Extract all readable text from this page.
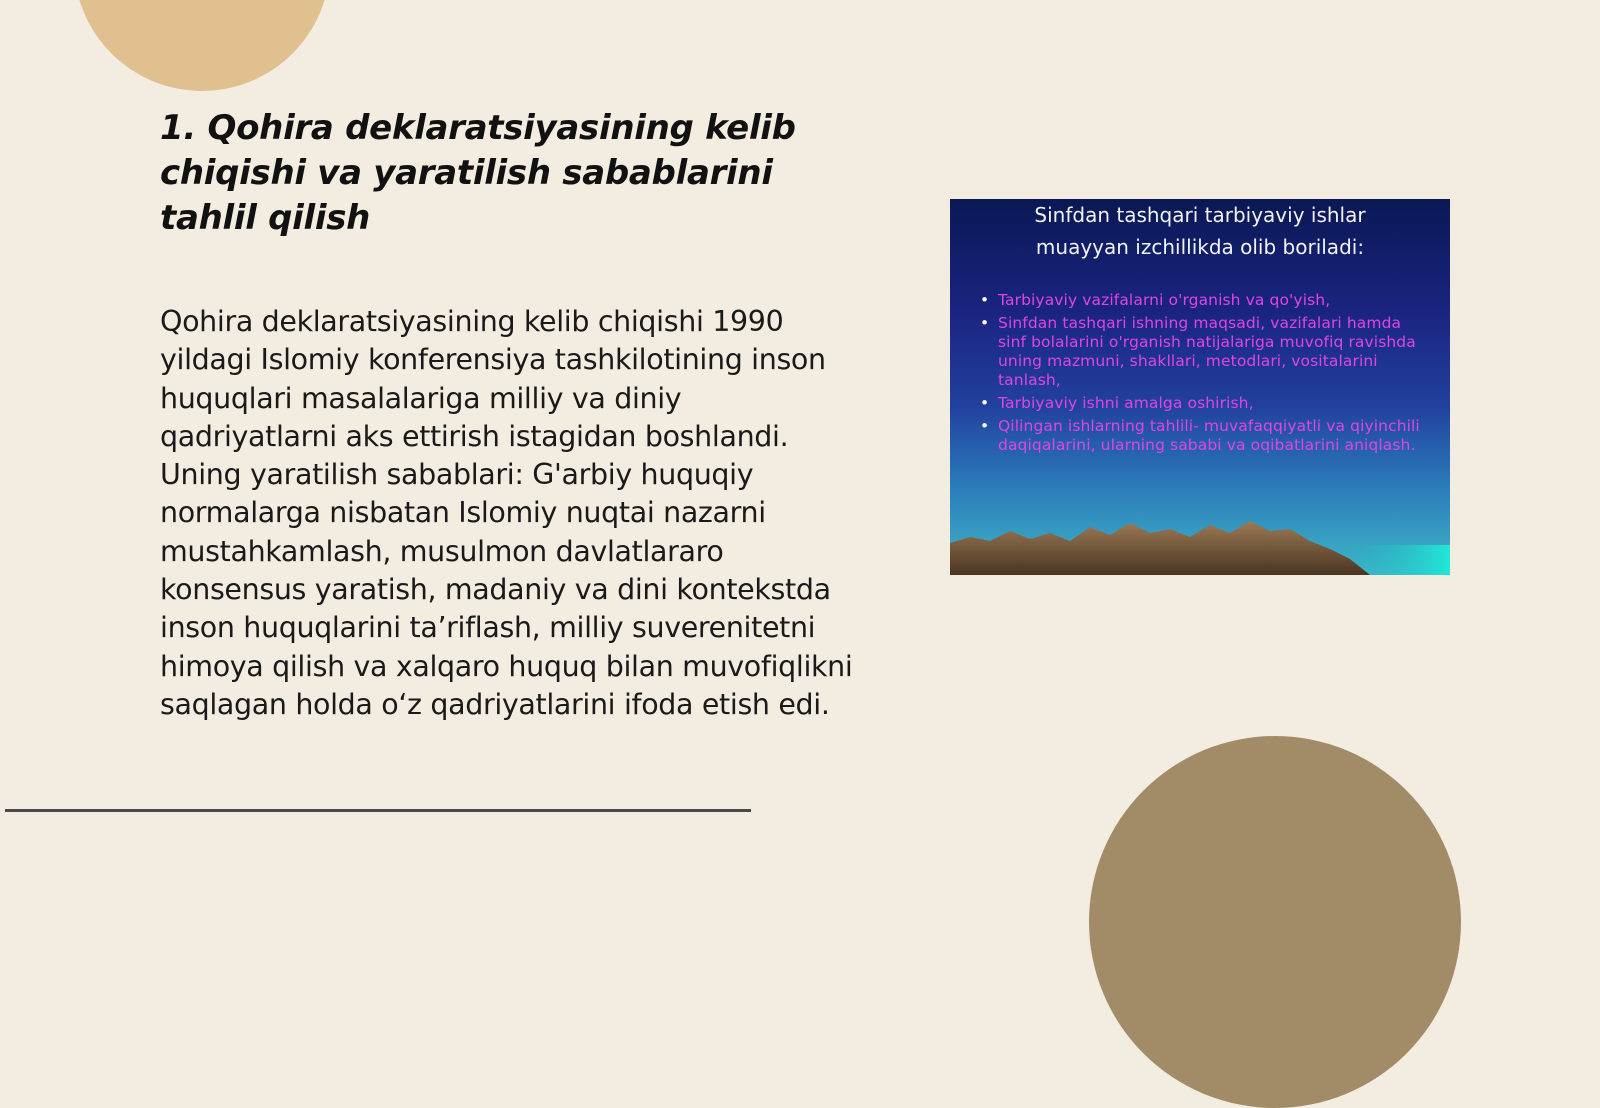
1. Qohira deklaratsiyasining kelib chiqishi va yaratilish sabablarini tahlil qilish

Qohira deklaratsiyasining kelib chiqishi 1990 yildagi Islomiy konferensiya tashkilotining inson huquqlari masalalariga milliy va diniy qadriyatlarni aks ettirish istagidan boshlandi. Uning yaratilish sabablari: G'arbiy huquqiy normalarga nisbatan Islomiy nuqtai nazarni mustahkamlash, musulmon davlatlararo konsensus yaratish, madaniy va dini kontekstda inson huquqlarini ta’riflash, milliy suverenitetni himoya qilish va xalqaro huquq bilan muvofiqlikni saqlagan holda o‘z qadriyatlarini ifoda etish edi.

Sinfdan tashqari tarbiyaviy ishlar
muayyan izchillikda olib boriladi:
• Tarbiyaviy vazifalarni o'rganish va qo'yish,
• Sinfdan tashqari ishning maqsadi, vazifalari hamda sinf bolalarini o'rganish natijalariga muvofiq ravishda uning mazmuni, shakllari, metodlari, vositalarini tanlash,
• Tarbiyaviy ishni amalga oshirish,
• Qilingan ishlarning tahlili- muvafaqqiyatli va qiyinchili daqiqalarini, ularning sababi va oqibatlarini aniqlash.
